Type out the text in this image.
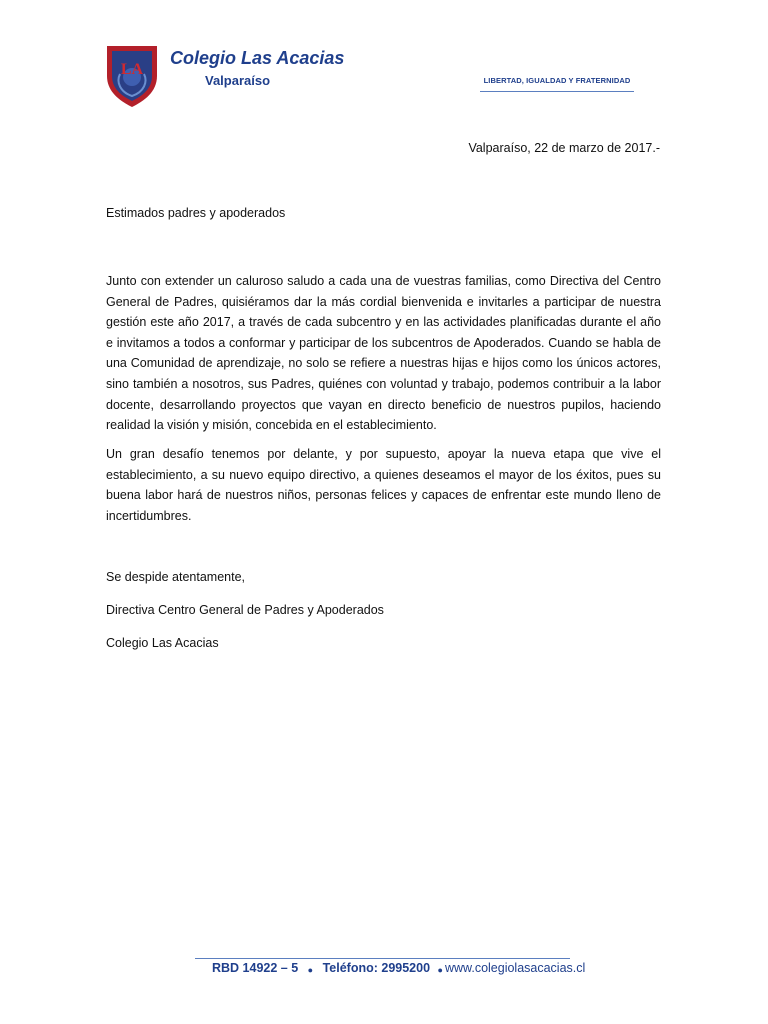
LA
Colegio Las Acacias
Valparaíso	LIBERTAD, IGUALDAD Y FRATERNIDAD
Valparaíso, 22 de marzo de 2017.-
Estimados padres y apoderados

Junto con extender un caluroso saludo a cada una de vuestras familias, como Directiva del Centro General de Padres, quisiéramos dar la más cordial bienvenida e invitarles a participar de nuestra gestión este año 2017, a través de cada subcentro y en las actividades planificadas durante el año e invitamos a todos a conformar y participar de los subcentros de Apoderados. Cuando se habla de una Comunidad de aprendizaje, no solo se refiere a nuestras hijas e hijos como los únicos actores, sino también a nosotros, sus Padres, quiénes con voluntad y trabajo, podemos contribuir a la labor docente, desarrollando proyectos que vayan en directo beneficio de nuestros pupilos, haciendo realidad la visión y misión, concebida en el establecimiento.

Un gran desafío tenemos por delante, y por supuesto, apoyar la nueva etapa que vive el establecimiento, a su nuevo equipo directivo, a quienes deseamos el mayor de los éxitos, pues su buena labor hará de nuestros niños, personas felices y capaces de enfrentar este mundo lleno de incertidumbres.

Se despide atentamente,
Directiva Centro General de Padres y Apoderados
Colegio Las Acacias
RBD 14922 – 5 ● Teléfono: 2995200 ● www.colegiolasacacias.cl
